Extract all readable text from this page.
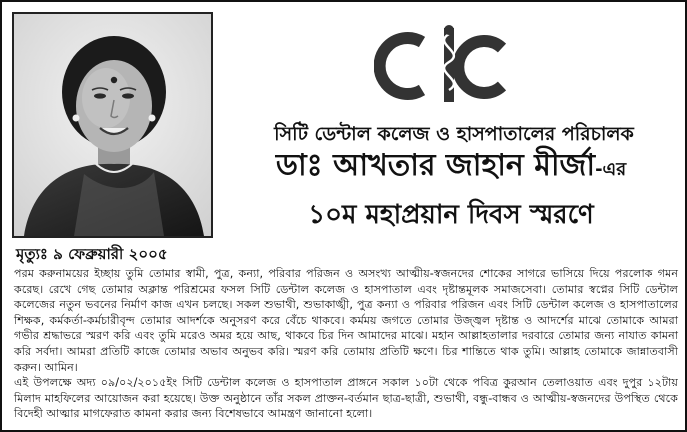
CDC
সিটি ডেন্টাল কলেজ ও হাসপাতালের পরিচালক
ডাঃ আখতার জাহান মীর্জা-এর
১০ম মহাপ্রয়ান দিবস স্মরণে
মৃত্যুঃ ৯ ফেব্রুয়ারী ২০০৫

পরম করুনাময়ের ইচ্ছায় তুমি তোমার স্বামী, পুত্র, কন্যা, পরিবার পরিজন ও অসংখ্য আত্মীয়-স্বজনদের শোকের সাগরে ভাসিয়ে দিয়ে পরলোক গমন করেছ। রেখে গেছ তোমার অক্লান্ত পরিশ্রমের ফসল সিটি ডেন্টাল কলেজ ও হাসপাতাল এবং দৃষ্টান্তমূলক সমাজসেবা। তোমার স্বপ্নের সিটি ডেন্টাল কলেজের নতুন ভবনের নির্মাণ কাজ এখন চলছে। সকল শুভাথী, শুভাকাঙ্খী, পুত্র কন্যা ও পরিবার পরিজন এবং সিটি ডেন্টাল কলেজ ও হাসপাতালের শিক্ষক, কর্মকর্তা-কর্মচারীবৃন্দ তোমার আদর্শকে অনুসরণ করে বেঁচে থাকবে। কর্মময় জগতে তোমার উজ্জ্বল দৃষ্টান্ত ও আদর্শের মাঝে তোমাকে আমরা গভীর শ্রদ্ধাভরে স্মরণ করি এবং তুমি মরেও অমর হয়ে আছ, থাকবে চির দিন আমাদের মাঝে। মহান আল্লাহতালার দরবারে তোমার জন্য নাযাত কামনা করি সর্বদা। আমরা প্রতিটি কাজে তোমার অভাব অনুভব করি। স্মরণ করি তোমায় প্রতিটি ক্ষণে। চির শান্তিতে থাক তুমি। আল্লাহ তোমাকে জান্নাতবাসী করুন। আমিন।

এই উপলক্ষে অদ্য ০৯/০২/২০১৫ইং সিটি ডেন্টাল কলেজ ও হাসপাতাল প্রাঙ্গনে সকাল ১০টা থেকে পবিত্র কুরআন তেলাওয়াত এবং দুপুর ১২টায় মিলাদ মাহফিলের আয়োজন করা হয়েছে। উক্ত অনুষ্ঠানে তাঁর সকল প্রাক্তন-বর্তমান ছাত্র-ছাত্রী, শুভাথী, বন্ধু-বান্ধব ও আত্মীয়-স্বজনদের উপস্থিত থেকে বিদেহী আত্মার মাগফেরাত কামনা করার জন্য বিশেষভাবে আমন্ত্রণ জানানো হলো।
